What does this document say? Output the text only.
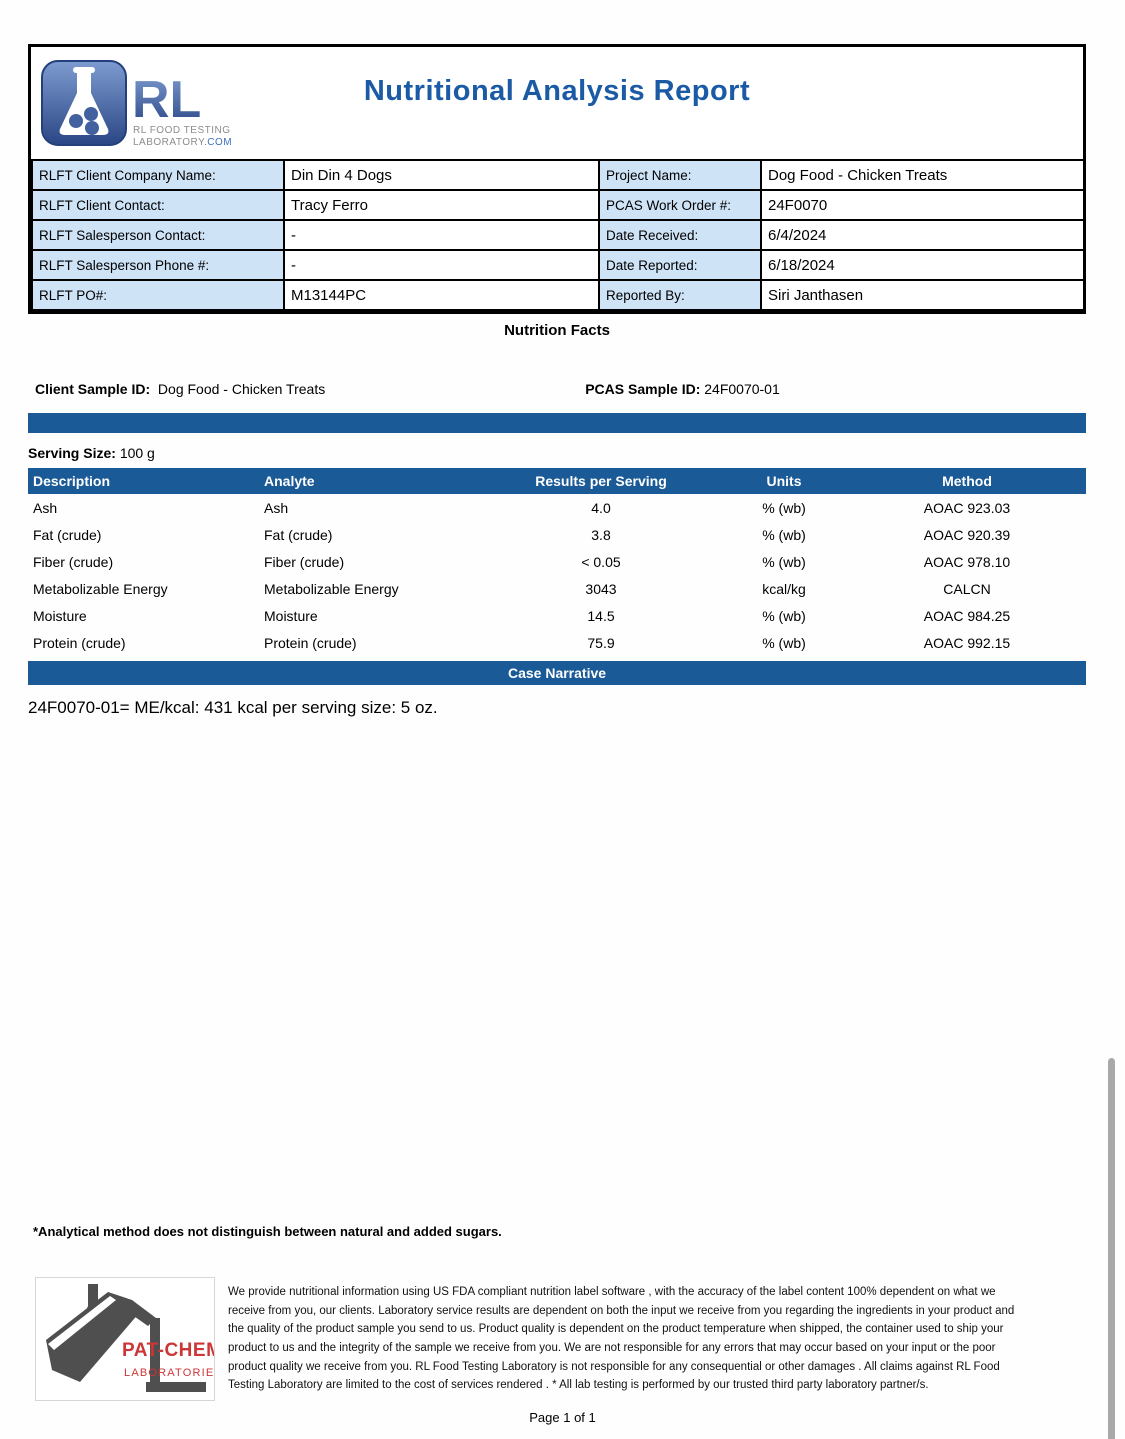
RL
RL FOOD TESTING
LABORATORY.COM
Nutritional Analysis Report
RLFT Client Company Name:	Din Din 4 Dogs	Project Name:	Dog Food - Chicken Treats
RLFT Client Contact:	Tracy Ferro	PCAS Work Order #:	24F0070
RLFT Salesperson Contact:	-	Date Received:	6/4/2024
RLFT Salesperson Phone #:	-	Date Reported:	6/18/2024
RLFT PO#:	M13144PC	Reported By:	Siri Janthasen
Nutrition Facts
Client Sample ID: Dog Food - Chicken Treats	PCAS Sample ID: 24F0070-01
Serving Size: 100 g
Description	Analyte	Results per Serving	Units	Method
Ash	Ash	4.0	% (wb)	AOAC 923.03
Fat (crude)	Fat (crude)	3.8	% (wb)	AOAC 920.39
Fiber (crude)	Fiber (crude)	< 0.05	% (wb)	AOAC 978.10
Metabolizable Energy	Metabolizable Energy	3043	kcal/kg	CALCN
Moisture	Moisture	14.5	% (wb)	AOAC 984.25
Protein (crude)	Protein (crude)	75.9	% (wb)	AOAC 992.15
Case Narrative
24F0070-01= ME/kcal: 431 kcal per serving size: 5 oz.
*Analytical method does not distinguish between natural and added sugars.
PAT-CHEM
LABORATORIES
We provide nutritional information using US FDA compliant nutrition label software , with the accuracy of the label content 100% dependent on what we receive from you, our clients. Laboratory service results are dependent on both the input we receive from you regarding the ingredients in your product and the quality of the product sample you send to us. Product quality is dependent on the product temperature when shipped, the container used to ship your product to us and the integrity of the sample we receive from you. We are not responsible for any errors that may occur based on your input or the poor product quality we receive from you. RL Food Testing Laboratory is not responsible for any consequential or other damages . All claims against RL Food Testing Laboratory are limited to the cost of services rendered . * All lab testing is performed by our trusted third party laboratory partner/s.
Page 1 of 1
